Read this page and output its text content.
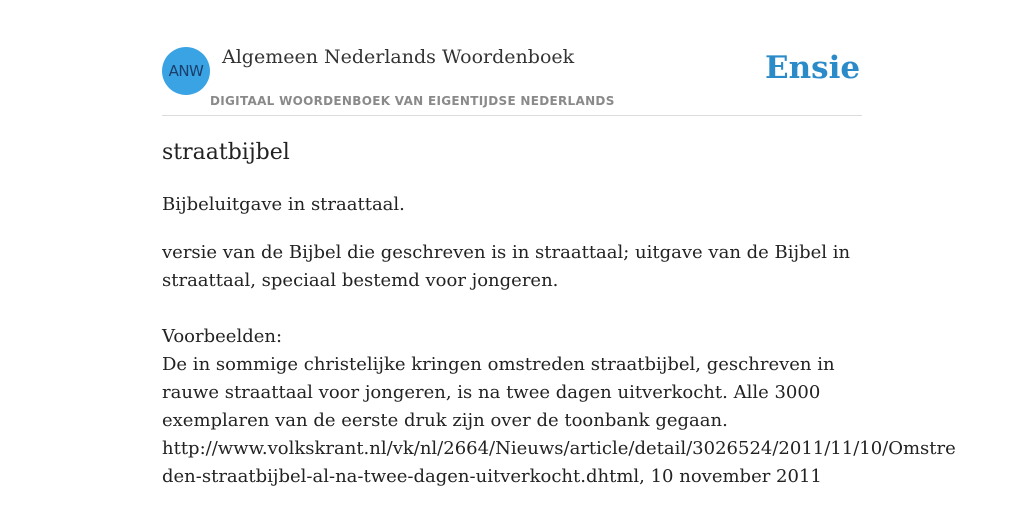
ANW
Algemeen Nederlands Woordenboek
DIGITAAL WOORDENBOEK VAN EIGENTIJDSE NEDERLANDS
Ensie
straatbijbel
Bijbeluitgave in straattaal.
versie van de Bijbel die geschreven is in straattaal; uitgave van de Bijbel in straattaal, speciaal bestemd voor jongeren.
Voorbeelden:
De in sommige christelijke kringen omstreden straatbijbel, geschreven in rauwe straattaal voor jongeren, is na twee dagen uitverkocht. Alle 3000 exemplaren van de eerste druk zijn over de toonbank gegaan.
http://www.volkskrant.nl/vk/nl/2664/Nieuws/article/detail/3026524/2011/11/10/Omstreden-straatbijbel-al-na-twee-dagen-uitverkocht.dhtml, 10 november 2011
